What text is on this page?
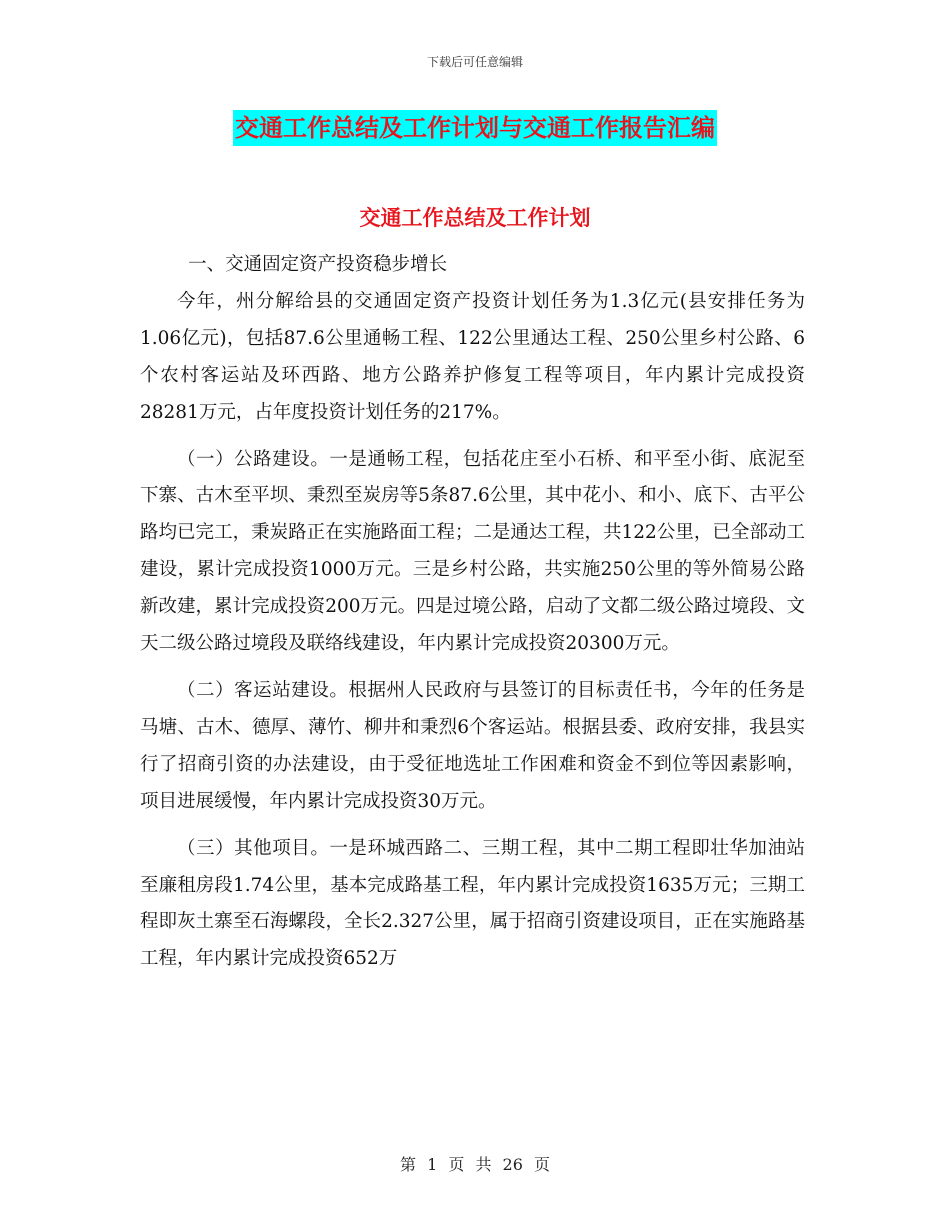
下载后可任意编辑
交通工作总结及工作计划与交通工作报告汇编
交通工作总结及工作计划

一、交通固定资产投资稳步增长

今年，州分解给县的交通固定资产投资计划任务为1.3亿元(县安排任务为1.06亿元)，包括87.6公里通畅工程、122公里通达工程、250公里乡村公路、6个农村客运站及环西路、地方公路养护修复工程等项目，年内累计完成投资28281万元，占年度投资计划任务的217%。

（一）公路建设。一是通畅工程，包括花庄至小石桥、和平至小街、底泥至下寨、古木至平坝、秉烈至炭房等5条87.6公里，其中花小、和小、底下、古平公路均已完工，秉炭路正在实施路面工程；二是通达工程，共122公里，已全部动工建设，累计完成投资1000万元。三是乡村公路，共实施250公里的等外简易公路新改建，累计完成投资200万元。四是过境公路，启动了文都二级公路过境段、文天二级公路过境段及联络线建设，年内累计完成投资20300万元。

（二）客运站建设。根据州人民政府与县签订的目标责任书，今年的任务是马塘、古木、德厚、薄竹、柳井和秉烈6个客运站。根据县委、政府安排，我县实行了招商引资的办法建设，由于受征地选址工作困难和资金不到位等因素影响，项目进展缓慢，年内累计完成投资30万元。

（三）其他项目。一是环城西路二、三期工程，其中二期工程即壮华加油站至廉租房段1.74公里，基本完成路基工程，年内累计完成投资1635万元；三期工程即灰土寨至石海螺段，全长2.327公里，属于招商引资建设项目，正在实施路基工程，年内累计完成投资652万

第 1 页 共 26 页
